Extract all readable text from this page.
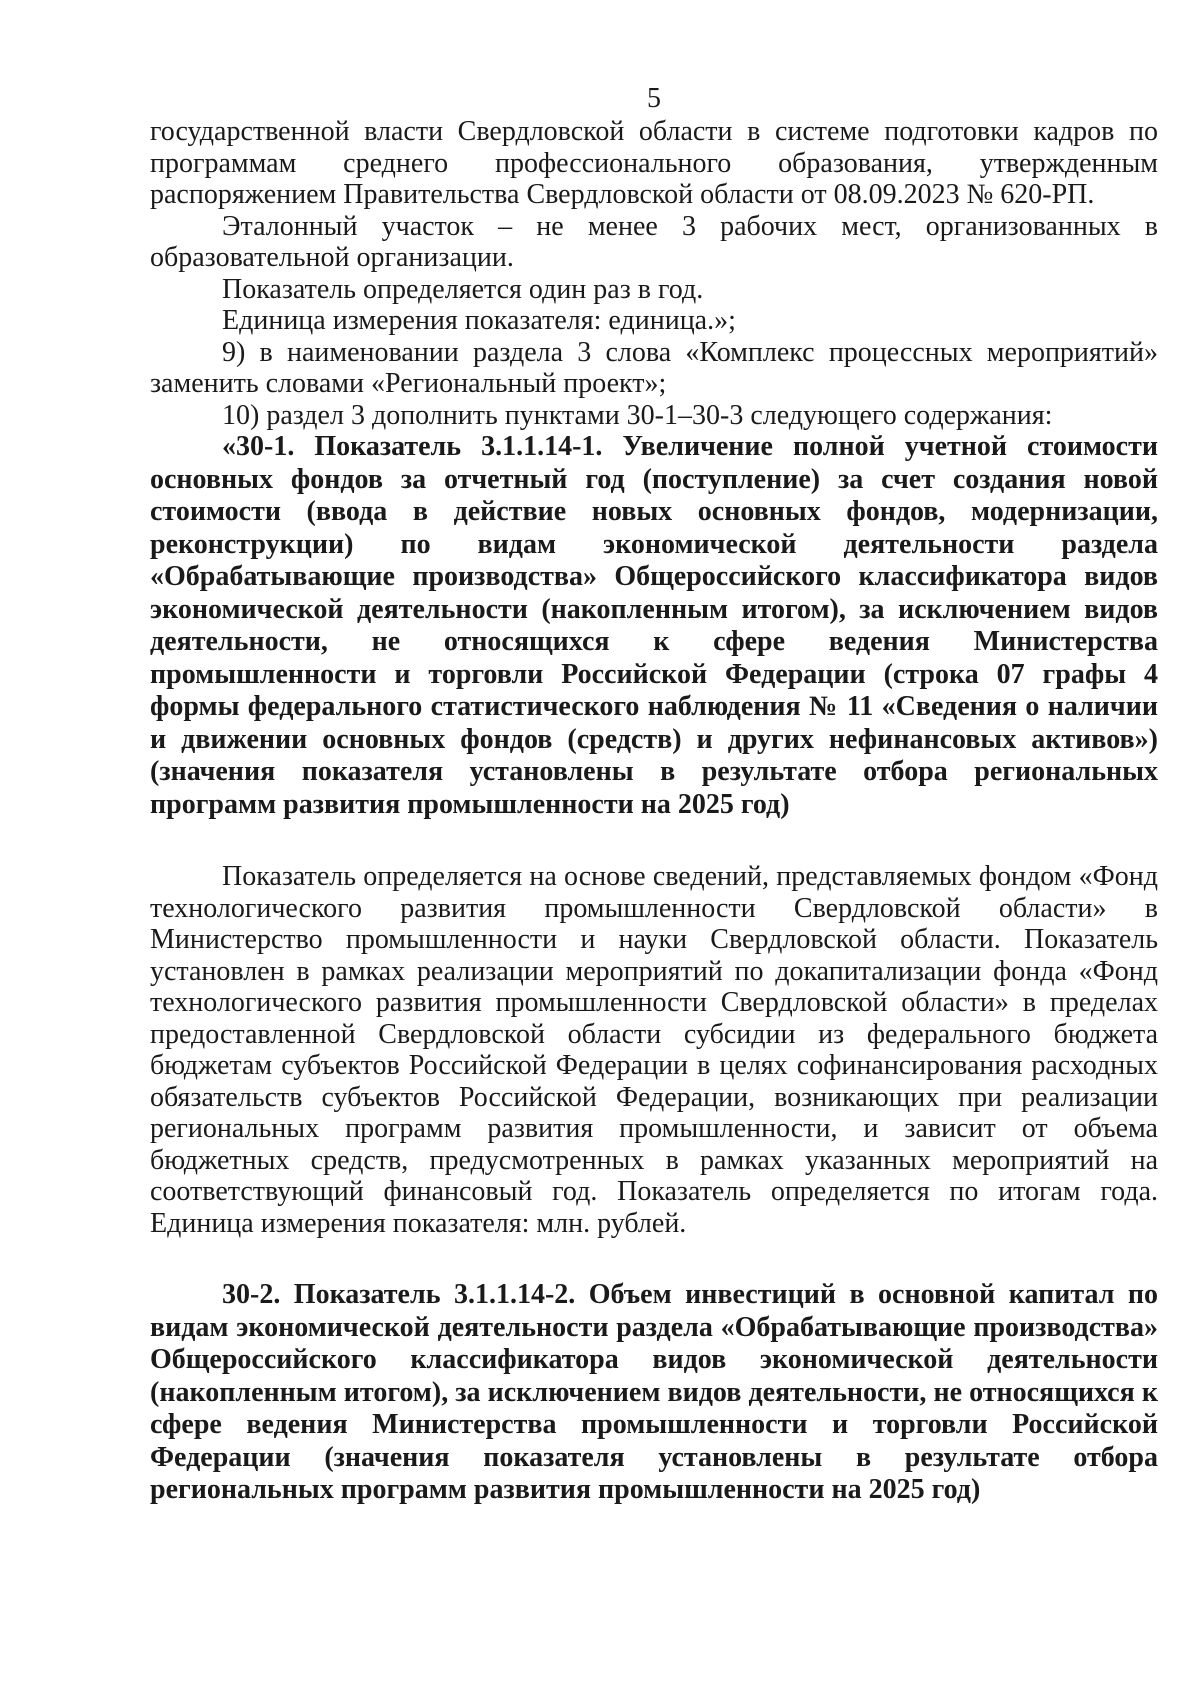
5

государственной власти Свердловской области в системе подготовки кадров по программам среднего профессионального образования, утвержденным распоряжением Правительства Свердловской области от 08.09.2023 № 620-РП.

Эталонный участок – не менее 3 рабочих мест, организованных в образовательной организации.

Показатель определяется один раз в год.

Единица измерения показателя: единица.»;

9) в наименовании раздела 3 слова «Комплекс процессных мероприятий» заменить словами «Региональный проект»;

10) раздел 3 дополнить пунктами 30-1–30-3 следующего содержания:

«30-1. Показатель 3.1.1.14-1. Увеличение полной учетной стоимости основных фондов за отчетный год (поступление) за счет создания новой стоимости (ввода в действие новых основных фондов, модернизации, реконструкции) по видам экономической деятельности раздела «Обрабатывающие производства» Общероссийского классификатора видов экономической деятельности (накопленным итогом), за исключением видов деятельности, не относящихся к сфере ведения Министерства промышленности и торговли Российской Федерации (строка 07 графы 4 формы федерального статистического наблюдения № 11 «Сведения о наличии и движении основных фондов (средств) и других нефинансовых активов») (значения показателя установлены в результате отбора региональных программ развития промышленности на 2025 год)

Показатель определяется на основе сведений, представляемых фондом «Фонд технологического развития промышленности Свердловской области» в Министерство промышленности и науки Свердловской области. Показатель установлен в рамках реализации мероприятий по докапитализации фонда «Фонд технологического развития промышленности Свердловской области» в пределах предоставленной Свердловской области субсидии из федерального бюджета бюджетам субъектов Российской Федерации в целях софинансирования расходных обязательств субъектов Российской Федерации, возникающих при реализации региональных программ развития промышленности, и зависит от объема бюджетных средств, предусмотренных в рамках указанных мероприятий на соответствующий финансовый год. Показатель определяется по итогам года. Единица измерения показателя: млн. рублей.

30-2. Показатель 3.1.1.14-2. Объем инвестиций в основной капитал по видам экономической деятельности раздела «Обрабатывающие производства» Общероссийского классификатора видов экономической деятельности (накопленным итогом), за исключением видов деятельности, не относящихся к сфере ведения Министерства промышленности и торговли Российской Федерации (значения показателя установлены в результате отбора региональных программ развития промышленности на 2025 год)
